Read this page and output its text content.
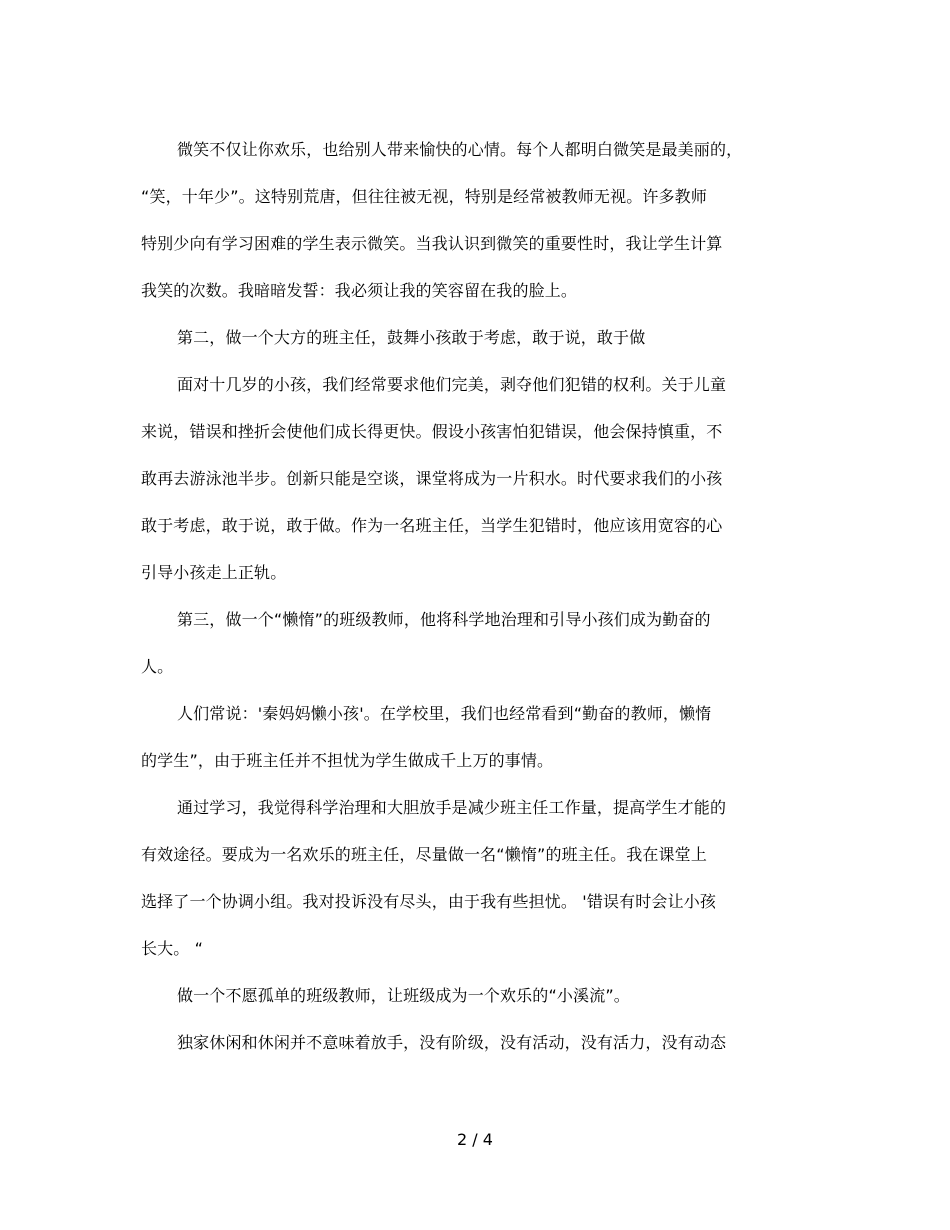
微笑不仅让你欢乐，也给别人带来愉快的心情。每个人都明白微笑是最美丽的，
“笑，十年少”。这特别荒唐，但往往被无视，特别是经常被教师无视。许多教师
特别少向有学习困难的学生表示微笑。当我认识到微笑的重要性时，我让学生计算
我笑的次数。我暗暗发誓：我必须让我的笑容留在我的脸上。

第二，做一个大方的班主任，鼓舞小孩敢于考虑，敢于说，敢于做

面对十几岁的小孩，我们经常要求他们完美，剥夺他们犯错的权利。关于儿童
来说，错误和挫折会使他们成长得更快。假设小孩害怕犯错误，他会保持慎重，不
敢再去游泳池半步。创新只能是空谈，课堂将成为一片积水。时代要求我们的小孩
敢于考虑，敢于说，敢于做。作为一名班主任，当学生犯错时，他应该用宽容的心
引导小孩走上正轨。

第三，做一个“懒惰”的班级教师，他将科学地治理和引导小孩们成为勤奋的
人。

人们常说：'秦妈妈懒小孩'。在学校里，我们也经常看到“勤奋的教师，懒惰
的学生”，由于班主任并不担忧为学生做成千上万的事情。

通过学习，我觉得科学治理和大胆放手是减少班主任工作量，提高学生才能的
有效途径。要成为一名欢乐的班主任，尽量做一名“懒惰”的班主任。我在课堂上
选择了一个协调小组。我对投诉没有尽头，由于我有些担忧。 '错误有时会让小孩
长大。 “

做一个不愿孤单的班级教师，让班级成为一个欢乐的“小溪流”。

独家休闲和休闲并不意味着放手，没有阶级，没有活动，没有活力，没有动态

2 / 4
